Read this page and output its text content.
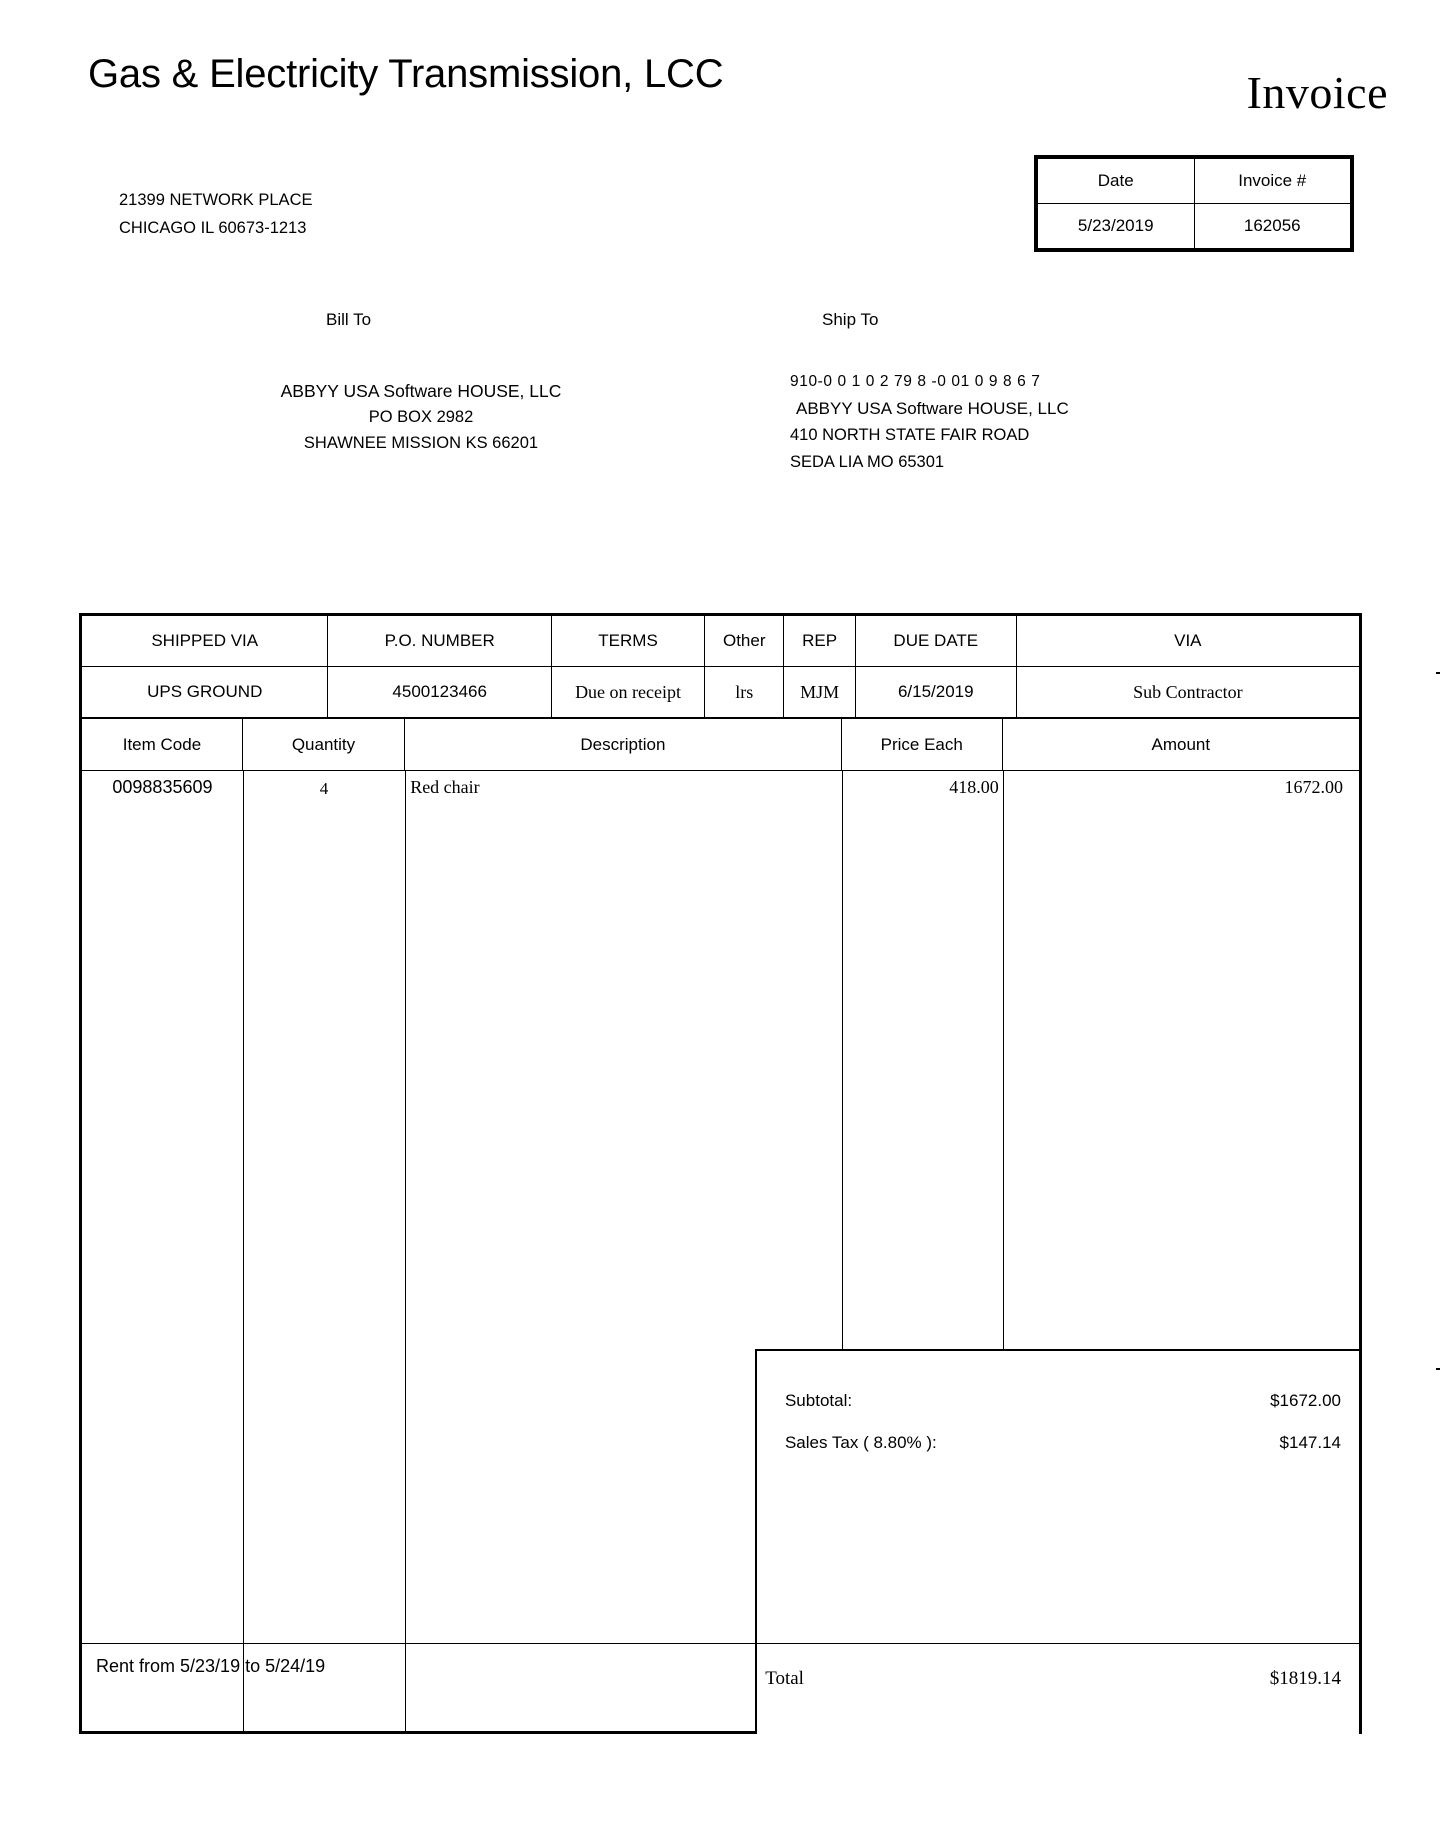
Gas & Electricity Transmission, LCC	Invoice
21399 NETWORK PLACE
CHICAGO IL 60673-1213
Date	Invoice #
5/23/2019	162056
Bill To	Ship To
ABBYY USA Software HOUSE, LLC
PO BOX 2982
SHAWNEE MISSION KS 66201
910-0 0 1 0 2 79 8 -0 01 0 9 8 6 7
ABBYY USA Software HOUSE, LLC
410 NORTH STATE FAIR ROAD
SEDA LIA MO 65301
SHIPPED VIA	P.O. NUMBER	TERMS	Other	REP	DUE DATE	VIA
UPS GROUND	4500123466	Due on receipt	lrs	MJM	6/15/2019	Sub Contractor
Item Code	Quantity	Description	Price Each	Amount
0098835609	4	Red chair	418.00	1672.00
Subtotal:	$1672.00
Sales Tax ( 8.80% ):	$147.14
Rent from 5/23/19 to 5/24/19
Total	$1819.14
